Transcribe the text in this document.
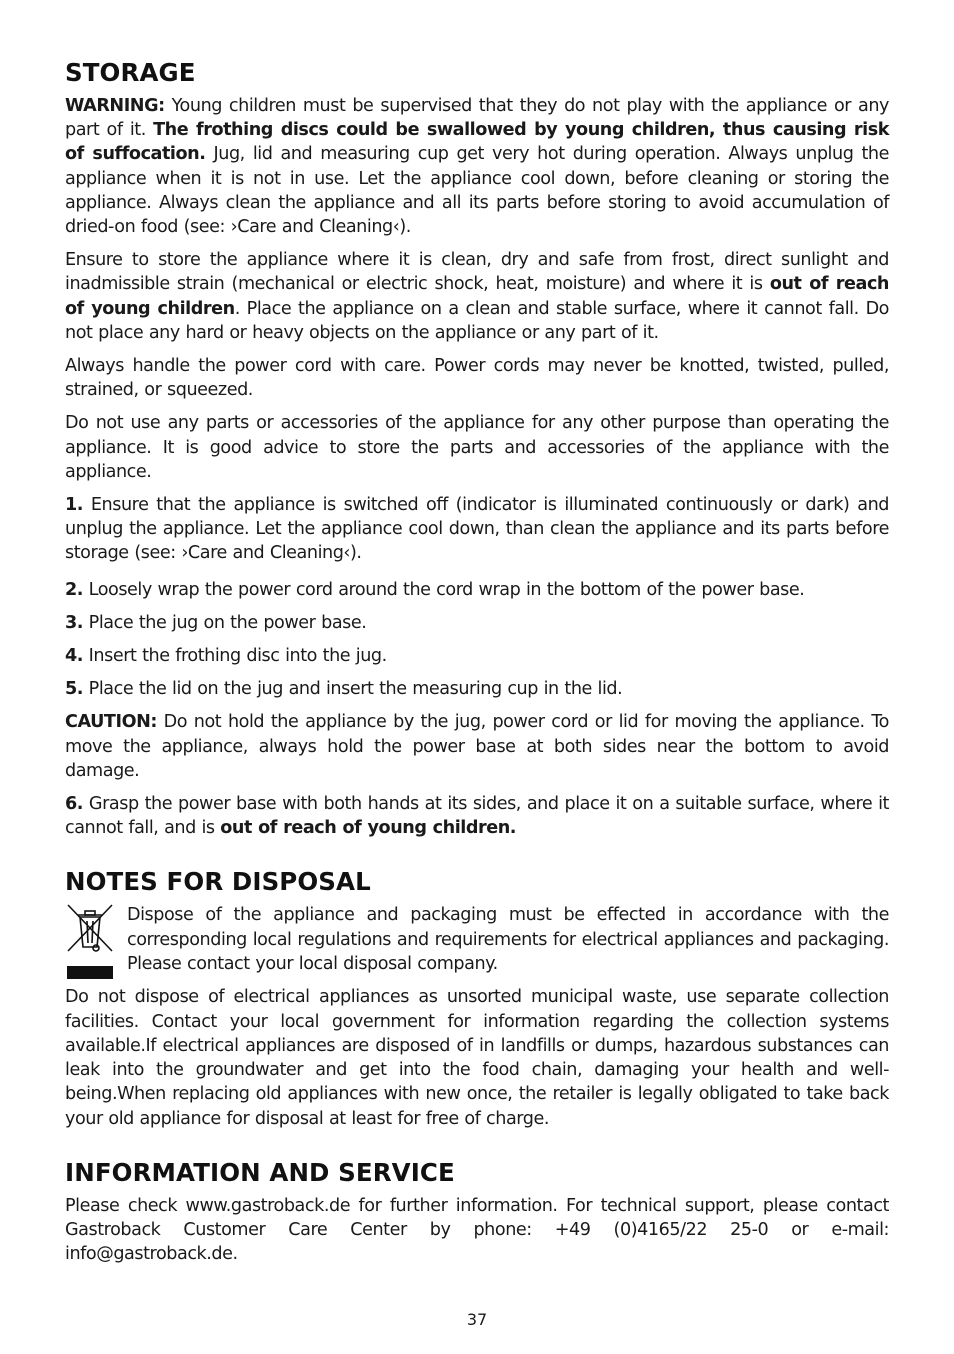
STORAGE

WARNING: Young children must be supervised that they do not play with the appliance or any part of it. The frothing discs could be swallowed by young children, thus causing risk of suffocation. Jug, lid and measuring cup get very hot during operation. Always unplug the appliance when it is not in use. Let the appliance cool down, before cleaning or storing the appliance. Always clean the appliance and all its parts before storing to avoid accumulation of dried-on food (see: ›Care and Cleaning‹).

Ensure to store the appliance where it is clean, dry and safe from frost, direct sunlight and inadmissible strain (mechanical or electric shock, heat, moisture) and where it is out of reach of young children. Place the appliance on a clean and stable surface, where it cannot fall. Do not place any hard or heavy objects on the appliance or any part of it.

Always handle the power cord with care. Power cords may never be knotted, twisted, pulled, strained, or squeezed.

Do not use any parts or accessories of the appliance for any other purpose than operating the appliance. It is good advice to store the parts and accessories of the appliance with the appliance.

1. Ensure that the appliance is switched off (indicator is illuminated continuously or dark) and unplug the appliance. Let the appliance cool down, than clean the appliance and its parts before storage (see: ›Care and Cleaning‹).

2. Loosely wrap the power cord around the cord wrap in the bottom of the power base.

3. Place the jug on the power base.

4. Insert the frothing disc into the jug.

5. Place the lid on the jug and insert the measuring cup in the lid.

CAUTION: Do not hold the appliance by the jug, power cord or lid for moving the appliance. To move the appliance, always hold the power base at both sides near the bottom to avoid damage.

6. Grasp the power base with both hands at its sides, and place it on a suitable surface, where it cannot fall, and is out of reach of young children.

NOTES FOR DISPOSAL

Dispose of the appliance and packaging must be effected in accordance with the corresponding local regulations and requirements for electrical appliances and packaging. Please contact your local disposal company.

Do not dispose of electrical appliances as unsorted municipal waste, use separate collection facilities. Contact your local government for information regarding the collection systems available.If electrical appliances are disposed of in landfills or dumps, hazardous substances can leak into the groundwater and get into the food chain, damaging your health and well-being.When replacing old appliances with new once, the retailer is legally obligated to take back your old appliance for disposal at least for free of charge.

INFORMATION AND SERVICE

Please check www.gastroback.de for further information. For technical support, please contact Gastroback Customer Care Center by phone: +49 (0)4165/22 25-0 or e-mail: info@gastroback.de.

37
